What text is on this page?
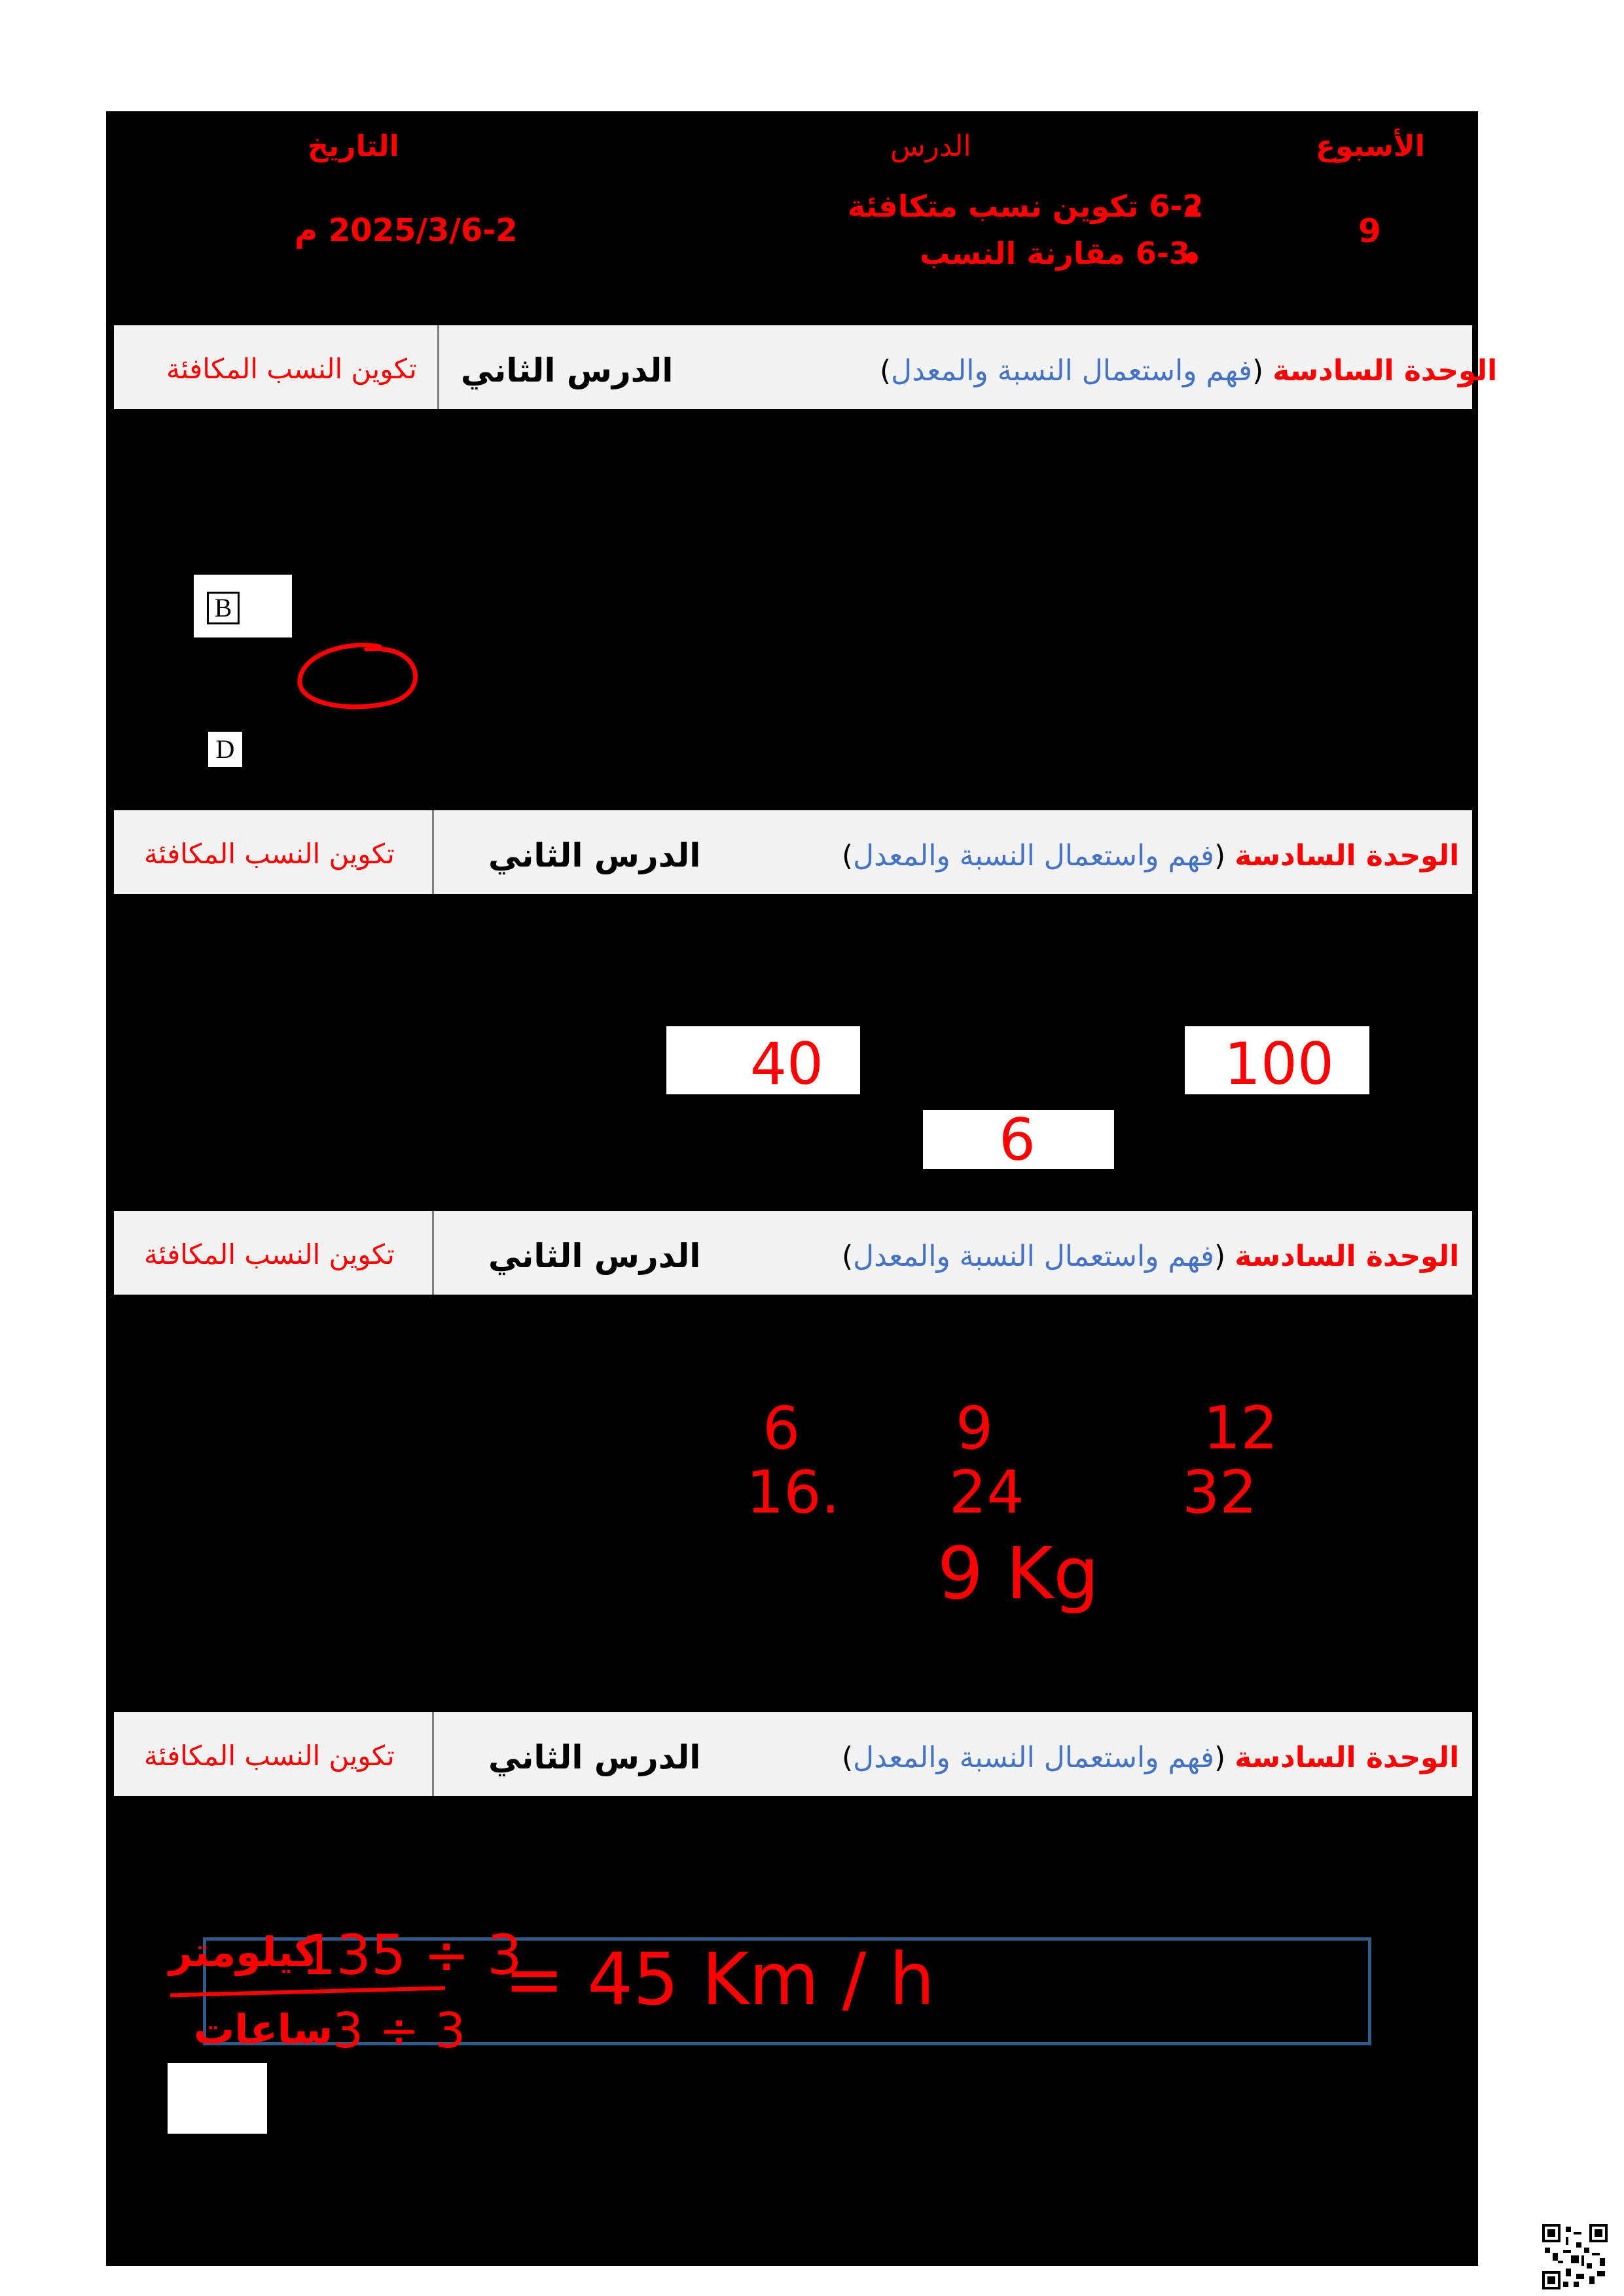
الأسبوع
9
الدرس
6-2 تكوين نسب متكافئة
6-3 مقارنة النسب
التاريخ
2025/3/6-2 م
تكوين النسب المكافئة الدرس الثاني	الوحدة السادسة (فهم واستعمال النسبة والمعدل)
B
D
تكوين النسب المكافئة	الدرس الثاني	الوحدة السادسة (فهم واستعمال النسبة والمعدل)
40	100
6
تكوين النسب المكافئة	الدرس الثاني	الوحدة السادسة (فهم واستعمال النسبة والمعدل)
6	9	12
16. 24	32
9 Kg
تكوين النسب المكافئة	الدرس الثاني	الوحدة السادسة (فهم واستعمال النسبة والمعدل)
كيلومتر
135 ÷ 3
ساعات 3 ÷ 3
= 45 Km / h
